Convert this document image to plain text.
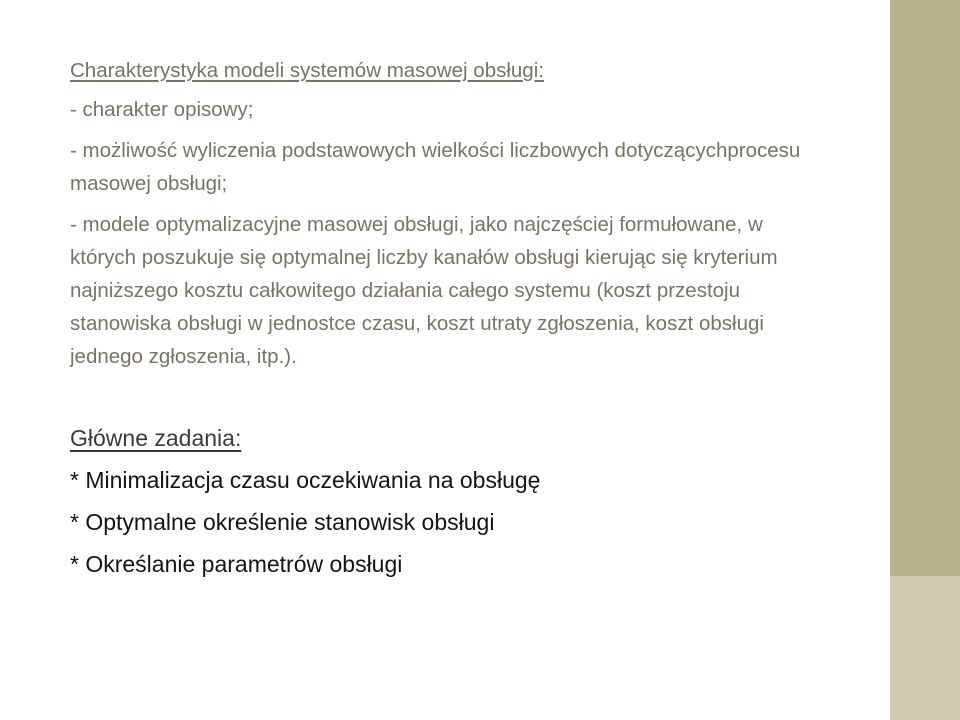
Charakterystyka modeli systemów masowej obsługi:
- charakter opisowy;
- możliwość wyliczenia podstawowych wielkości liczbowych dotyczącychprocesu masowej obsługi;
- modele optymalizacyjne masowej obsługi, jako najczęściej formułowane, w których poszukuje się optymalnej liczby kanałów obsługi kierując się kryterium najniższego kosztu całkowitego działania całego systemu (koszt przestoju stanowiska obsługi w jednostce czasu, koszt utraty zgłoszenia, koszt obsługi jednego zgłoszenia, itp.).
Główne zadania:
* Minimalizacja czasu oczekiwania na obsługę
* Optymalne określenie stanowisk obsługi
* Określanie parametrów obsługi
